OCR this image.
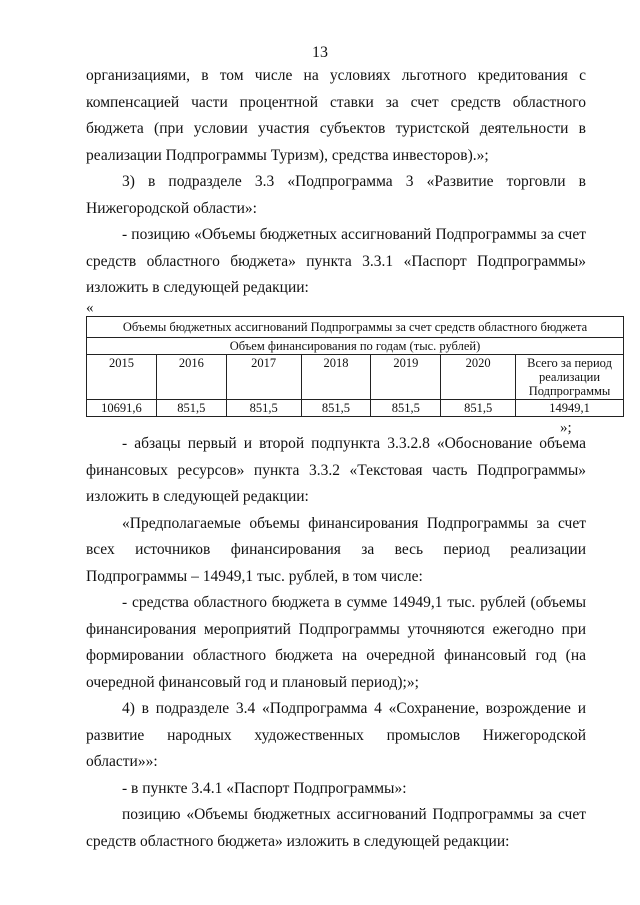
13

организациями, в том числе на условиях льготного кредитования с компенсацией части процентной ставки за счет средств областного бюджета (при условии участия субъектов туристской деятельности в реализации Подпрограммы Туризм), средства инвесторов).»;

3) в подразделе 3.3 «Подпрограмма 3 «Развитие торговли в Нижегородской области»:

- позицию «Объемы бюджетных ассигнований Подпрограммы за счет средств областного бюджета» пункта 3.3.1 «Паспорт Подпрограммы» изложить в следующей редакции:

«
Объемы бюджетных ассигнований Подпрограммы за счет средств областного бюджета						
Объем финансирования по годам (тыс. рублей)						
2015	2016	2017	2018	2019	2020	Всего за период реализации Подпрограммы
10691,6	851,5	851,5	851,5	851,5	851,5	14949,1
»;

- абзацы первый и второй подпункта 3.3.2.8 «Обоснование объема финансовых ресурсов» пункта 3.3.2 «Текстовая часть Подпрограммы» изложить в следующей редакции:

«Предполагаемые объемы финансирования Подпрограммы за счет всех источников финансирования за весь период реализации

Подпрограммы – 14949,1 тыс. рублей, в том числе:

- средства областного бюджета в сумме 14949,1 тыс. рублей (объемы финансирования мероприятий Подпрограммы уточняются ежегодно при формировании областного бюджета на очередной финансовый год (на очередной финансовый год и плановый период);»;

4) в подразделе 3.4 «Подпрограмма 4 «Сохранение, возрождение и развитие народных художественных промыслов Нижегородской

области»»:

- в пункте 3.4.1 «Паспорт Подпрограммы»:

позицию «Объемы бюджетных ассигнований Подпрограммы за счет средств областного бюджета» изложить в следующей редакции:
